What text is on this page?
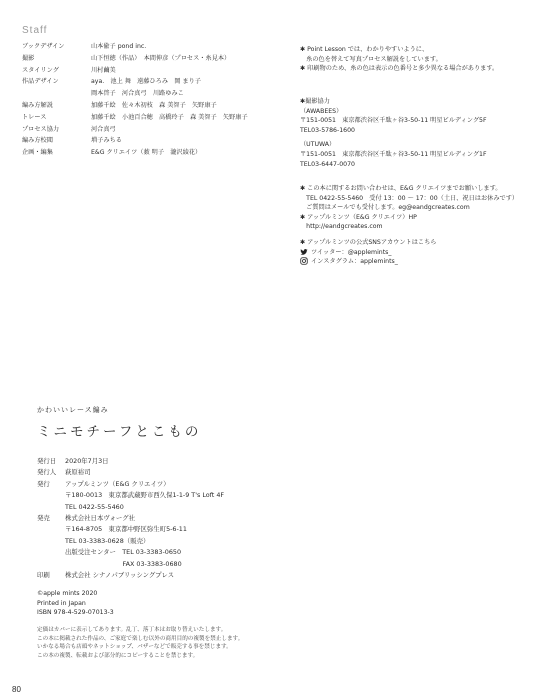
Staff
ブックデザイン	山本偸子 pond inc.
撮影	山下恒徳（作品）　本間伸彦（プロセス・糸見本）
スタイリング	川村繭美
作品デザイン	aya.　池上 舞　遠藤ひろみ　岡 まり子
岡本啓子　河合真弓　川路ゆみこ
編み方解説	加藤千絵　佐々木初枝　森 美智子　矢野康子
トレース	加藤千絵　小池百合穂　高橋玲子　森 美智子　矢野康子
プロセス協力	河合真弓
編み方校閲	増子みちる
企画・編集	E&G クリエイツ（薮 明子　瀧沢綾花）

✱ Point Lesson では、わかりやすいように、

　糸の色を替えて写真プロセス解説をしています。

✱ 印刷物のため、糸の色は表示の色番号と多少異なる場合があります。

✱撮影協力

（AWABEES）

〒151-0051　東京都渋谷区千駄ヶ谷3-50-11 明星ビルディング5F

TEL03-5786-1600

（UTUWA）

〒151-0051　東京都渋谷区千駄ヶ谷3-50-11 明星ビルディング1F

TEL03-6447-0070

✱ この本に関するお問い合わせは、E&G クリエイツまでお願いします。

　TEL 0422-55-5460　受付 13：00 〜 17：00（土日、祝日はお休みです）

　ご質問はメールでも受付します。eg@eandgcreates.com

✱ アップルミンツ（E&G クリエイツ）HP

　http://eandgcreates.com

✱ アップルミンツの公式SNSアカウントはこちら

ツイッター：@applemints_

インスタグラム：applemints_

かわいいレース編み
ミニモチーフとこもの
発行日	2020年7月3日
発行人	萩原裕司
発行	アップルミンツ（E&G クリエイツ）
〒180-0013　東京都武蔵野市西久保1-1-9 T's Loft 4F
TEL 0422-55-5460
発売	株式会社日本ヴォーグ社
〒164-8705　東京都中野区弥生町5-6-11
TEL 03-3383-0628（販売）
出版受注センター　TEL 03-3383-0650
　　　　　　　　　FAX 03-3383-0680
印刷	株式会社 シナノパブリッシングプレス
©apple mints 2020
Printed in Japan
ISBN 978-4-529-07013-3
定価はカバーに表示してあります。乱丁、落丁本はお取り替えいたします。
この本に掲載された作品の、ご家庭で楽しむ以外の商用目的の複製を禁止します。
いかなる場合も店頭やネットショップ、バザーなどで販売する事を禁じます。
この本の複製、転載および部分的にコピーすることを禁じます。
80
